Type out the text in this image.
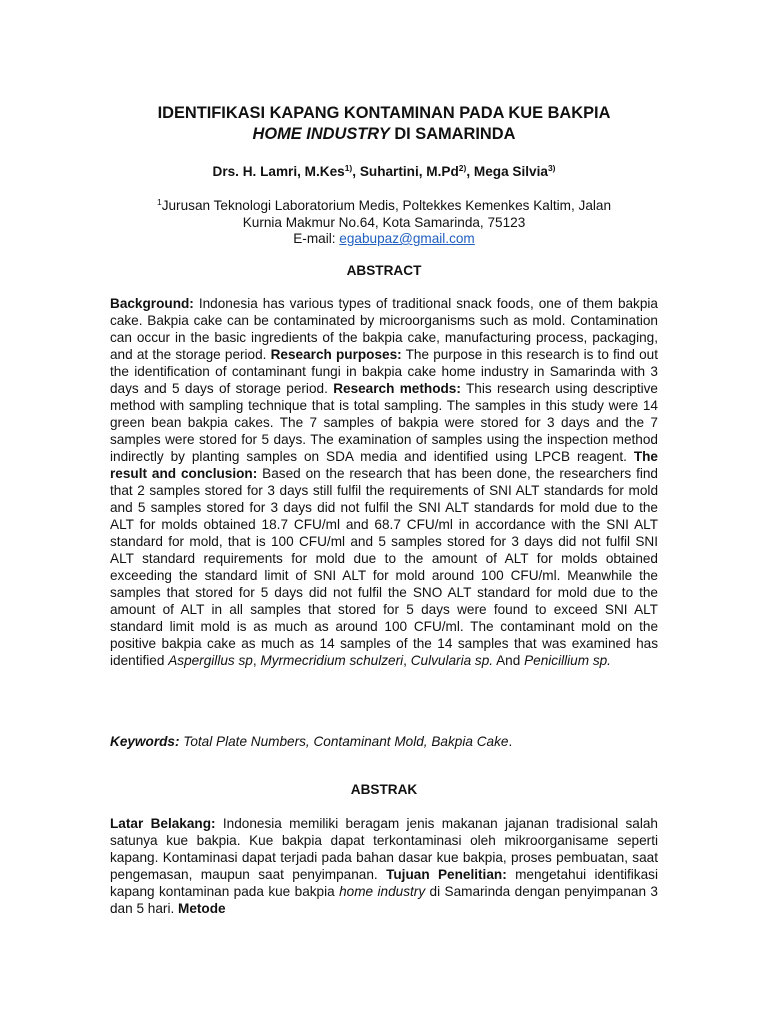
IDENTIFIKASI KAPANG KONTAMINAN PADA KUE BAKPIA
HOME INDUSTRY DI SAMARINDA
Drs. H. Lamri, M.Kes$^{1)}$, Suhartini, M.Pd$^{2)}$, Mega Silvia$^{3)}$
$^1$Jurusan Teknologi Laboratorium Medis, Poltekkes Kemenkes Kaltim, Jalan
Kurnia Makmur No.64, Kota Samarinda, 75123
E-mail: egabupaz@gmail.com
ABSTRACT

Background: Indonesia has various types of traditional snack foods, one of them bakpia cake. Bakpia cake can be contaminated by microorganisms such as mold. Contamination can occur in the basic ingredients of the bakpia cake, manufacturing process, packaging, and at the storage period. Research purposes: The purpose in this research is to find out the identification of contaminant fungi in bakpia cake home industry in Samarinda with 3 days and 5 days of storage period. Research methods: This research using descriptive method with sampling technique that is total sampling. The samples in this study were 14 green bean bakpia cakes. The 7 samples of bakpia were stored for 3 days and the 7 samples were stored for 5 days. The examination of samples using the inspection method indirectly by planting samples on SDA media and identified using LPCB reagent. The result and conclusion: Based on the research that has been done, the researchers find that 2 samples stored for 3 days still fulfil the requirements of SNI ALT standards for mold and 5 samples stored for 3 days did not fulfil the SNI ALT standards for mold due to the ALT for molds obtained 18.7 CFU/ml and 68.7 CFU/ml in accordance with the SNI ALT standard for mold, that is 100 CFU/ml and 5 samples stored for 3 days did not fulfil SNI ALT standard requirements for mold due to the amount of ALT for molds obtained exceeding the standard limit of SNI ALT for mold around 100 CFU/ml. Meanwhile the samples that stored for 5 days did not fulfil the SNO ALT standard for mold due to the amount of ALT in all samples that stored for 5 days were found to exceed SNI ALT standard limit mold is as much as around 100 CFU/ml. The contaminant mold on the positive bakpia cake as much as 14 samples of the 14 samples that was examined has identified Aspergillus sp, Myrmecridium schulzeri, Culvularia sp. And Penicillium sp.

Keywords: Total Plate Numbers, Contaminant Mold, Bakpia Cake.

ABSTRAK

Latar Belakang: Indonesia memiliki beragam jenis makanan jajanan tradisional salah satunya kue bakpia. Kue bakpia dapat terkontaminasi oleh mikroorganisame seperti kapang. Kontaminasi dapat terjadi pada bahan dasar kue bakpia, proses pembuatan, saat pengemasan, maupun saat penyimpanan. Tujuan Penelitian: mengetahui identifikasi kapang kontaminan pada kue bakpia home industry di Samarinda dengan penyimpanan 3 dan 5 hari. Metode
